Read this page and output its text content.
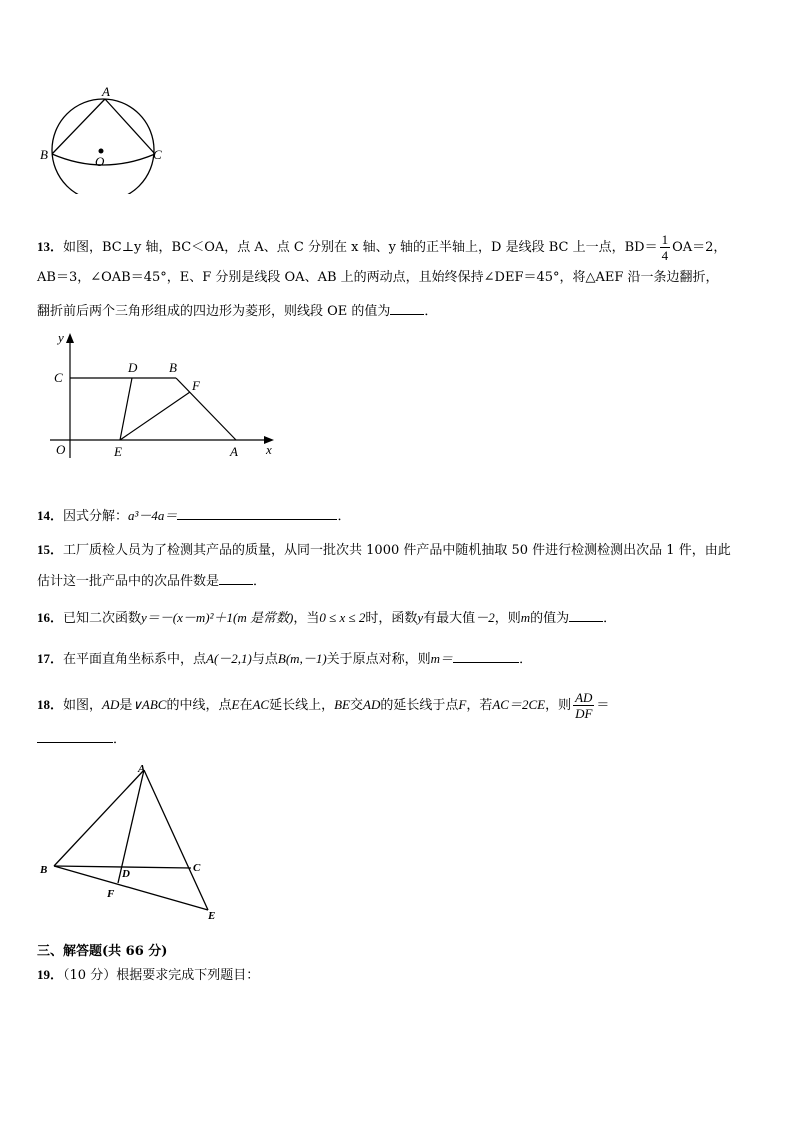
A
B	C
O
13．如图，BC⊥y 轴，BC＜OA，点 A、点 C 分别在 x 轴、y 轴的正半轴上，D 是线段 BC 上一点，$BD= \frac{1}{4} OA=2$，
AB＝3，∠OAB＝45°，E、F 分别是线段 OA、AB 上的两动点，且始终保持∠DEF＝45°，将△AEF 沿一条边翻折，
翻折前后两个三角形组成的四边形为菱形，则线段 OE 的值为	．
y
x
C
D B
F
O	E	A
14．因式分解：a³－4a＝	．
15．工厂质检人员为了检测其产品的质量，从同一批次共 1000 件产品中随机抽取 50 件进行检测检测出次品 1 件，由此
估计这一批产品中的次品件数是	．
16．已知二次函数y＝－(x－m)²＋1(m 是常数)，当0 ≤ x ≤ 2时，函数y有最大值－2，则m的值为	．
17．在平面直角坐标系中，点A(－2,1)与点B(m,－1)关于原点对称，则m＝	．
18．如图，AD是∨ABC的中线，点E在AC延长线上，BE交AD的延长线于点F，若AC＝2CE，则 $\frac{AD}{DF}$ ＝
．
A
B	C
D
F
E
三、解答题(共 66 分)
19．（10 分）根据要求完成下列题目：
